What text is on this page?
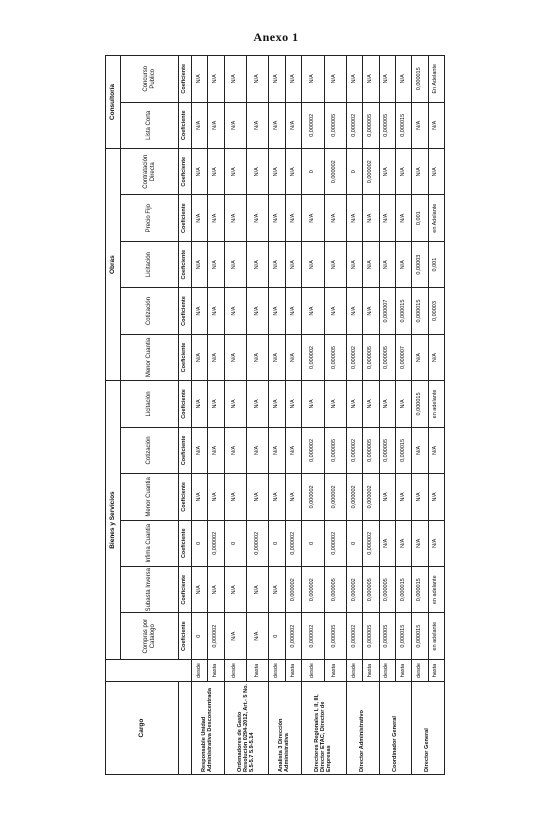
Anexo 1
Cargo		Bienes y Servicios						Obras					Consultoría	
		Compras por Catalogo	Subasta Inversa	Infima Cuantia	Menor Cuantia	Cotización	Licitación	Menor Cuantia	Cotización	Licitación	Precio Fijo	Contratación Directa	Lista Corta	Concurso Publico
		Coeficiente	Coeficiente	Coeficiente	Coeficiente	Coeficiente	Coeficiente	Coeficiente	Coeficiente	Coeficiente	Coeficiente	Coeficiente	Coeficiente	Coeficiente
Responsable Unidad Administrativa Desconcentrada	desde	0	N/A	0	N/A	N/A	N/A	N/A	N/A	N/A	N/A	N/A	N/A	N/A
	hasta	0,000002	N/A	0,000002	N/A	N/A	N/A	N/A	N/A	N/A	N/A	N/A	N/A	N/A
Ordenadores de Gasto Resolución 0294-2012, Art.- 5 No. 5.5-5.7 5.9-5.14	desde	N/A	N/A	0	N/A	N/A	N/A	N/A	N/A	N/A	N/A	N/A	N/A	N/A
	hasta	N/A	N/A	0,000002	N/A	N/A	N/A	N/A	N/A	N/A	N/A	N/A	N/A	N/A
Analista 3 Dirección Administrativa	desde	0	N/A	0	N/A	N/A	N/A	N/A	N/A	N/A	N/A	N/A	N/A	N/A
	hasta	0,000002	0,000002	0,000002	N/A	N/A	N/A	N/A	N/A	N/A	N/A	N/A	N/A	N/A
Directores Regionales I, II, III, Director ETAC, Director de Empresas	desde	0,000002	0,000002	0	0,000002	0,000002	N/A	0,000002	N/A	N/A	N/A	0	0,000002	N/A
	hasta	0,000005	0,000005	0,000002	0,000002	0,000005	N/A	0,000005	N/A	N/A	N/A	0,000002	0,000005	N/A
Director Administrativo	desde	0,000002	0,000002	0	0,000002	0,000002	N/A	0,000002	N/A	N/A	N/A	0	0,000002	N/A
	hasta	0,000005	0,000005	0,000002	0,000002	0,000005	N/A	0,000005	N/A	N/A	N/A	0,000002	0,000005	N/A
Coordinador General	desde	0,000005	0,000005	N/A	N/A	0,000005	N/A	0,000005	0,000007	N/A	N/A	N/A	0,000005	N/A
	hasta	0,000015	0,000015	N/A	N/A	0,000015	N/A	0,000007	0,000015	N/A	N/A	N/A	0,000015	N/A
Director General	desde	0,000015	0,000015	N/A	N/A	N/A	0,000015	N/A	0,000015	0,00003	0,001	N/A	N/A	0,000015
	hasta	en adelante	en adelante	N/A	N/A	N/A	en adelante	N/A	0,00003	0,001	en Adelante	N/A	N/A	En Adelante
